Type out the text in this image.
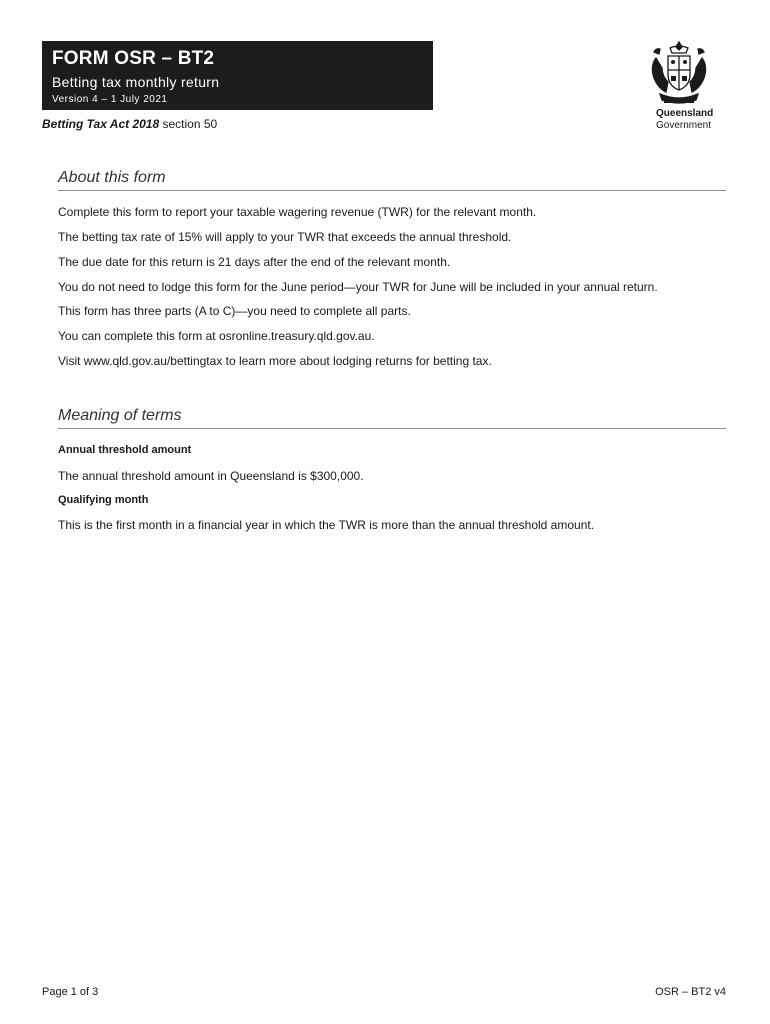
FORM OSR – BT2
Betting tax monthly return
Version 4 – 1 July 2021
Betting Tax Act 2018 section 50
Queensland
Government
About this form
Complete this form to report your taxable wagering revenue (TWR) for the relevant month.
The betting tax rate of 15% will apply to your TWR that exceeds the annual threshold.
The due date for this return is 21 days after the end of the relevant month.
You do not need to lodge this form for the June period—your TWR for June will be included in your annual return.
This form has three parts (A to C)—you need to complete all parts.
You can complete this form at osronline.treasury.qld.gov.au.
Visit www.qld.gov.au/bettingtax to learn more about lodging returns for betting tax.
Meaning of terms
Annual threshold amount
The annual threshold amount in Queensland is $300,000.
Qualifying month
This is the first month in a financial year in which the TWR is more than the annual threshold amount.
Page 1 of 3	OSR – BT2 v4
